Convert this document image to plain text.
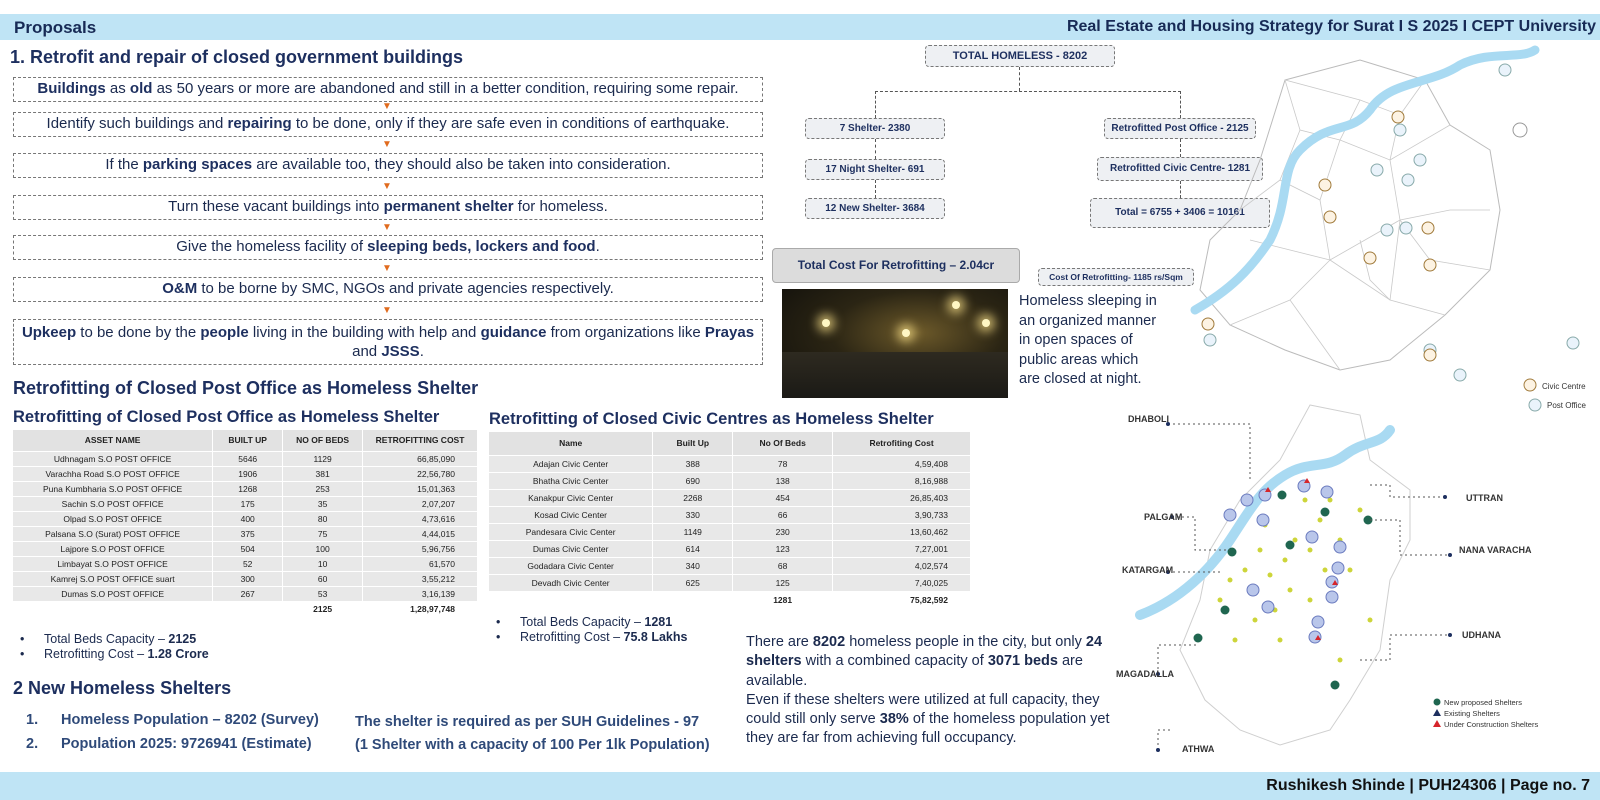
Proposals	Real Estate and Housing Strategy for Surat I S 2025 I CEPT University
Rushikesh Shinde | PUH24306 | Page no. 7
1. Retrofit and repair of closed government buildings
Buildings as old as 50 years or more are abandoned and still in a better condition, requiring some repair.
▼
Identify such buildings and repairing to be done, only if they are safe even in conditions of earthquake.
▼
If the parking spaces are available too, they should also be taken into consideration.
▼
Turn these vacant buildings into permanent shelter for homeless.
▼
Give the homeless facility of sleeping beds, lockers and food.
▼
O&M to be borne by SMC, NGOs and private agencies respectively.
▼
Upkeep to be done by the people living in the building with help and guidance from organizations like Prayas and JSSS.
Retrofitting of Closed Post Office as Homeless Shelter
Retrofitting of Closed Post Office as Homeless Shelter
ASSET NAME	BUILT UP	NO OF BEDS	RETROFITTING COST
Udhnagam S.O POST OFFICE	5646	1129	66,85,090
Varachha Road S.O POST OFFICE	1906	381	22,56,780
Puna Kumbharia S.O POST OFFICE	1268	253	15,01,363
Sachin S.O POST OFFICE	175	35	2,07,207
Olpad S.O POST OFFICE	400	80	4,73,616
Palsana S.O (Surat) POST OFFICE	375	75	4,44,015
Lajpore S.O POST OFFICE	504	100	5,96,756
Limbayat S.O POST OFFICE	52	10	61,570
Kamrej S.O POST OFFICE suart	300	60	3,55,212
Dumas S.O POST OFFICE	267	53	3,16,139
		2125	1,28,97,748
• Total Beds Capacity – 2125
• Retrofitting Cost – 1.28 Crore
Retrofitting of Closed Civic Centres as Homeless Shelter
Name	Built Up	No Of Beds	Retrofiting Cost
Adajan Civic Center	388	78	4,59,408
Bhatha Civic Center	690	138	8,16,988
Kanakpur Civic Center	2268	454	26,85,403
Kosad Civic Center	330	66	3,90,733
Pandesara Civic Center	1149	230	13,60,462
Dumas Civic Center	614	123	7,27,001
Godadara Civic Center	340	68	4,02,574
Devadh Civic Center	625	125	7,40,025
		1281	75,82,592
• Total Beds Capacity – 1281
• Retrofitting Cost – 75.8 Lakhs
TOTAL HOMELESS - 8202
7 Shelter- 2380
17 Night Shelter- 691
12 New Shelter- 3684
Retrofitted Post Office - 2125
Retrofitted Civic Centre- 1281
Total = 6755 + 3406 = 10161
Total Cost For Retrofitting – 2.04cr
Cost Of Retrofitting- 1185 rs/Sqm
Homeless sleeping in an organized manner in open spaces of public areas which are closed at night.
2 New Homeless Shelters
1. Homeless Population – 8202 (Survey)
2. Population 2025: 9726941 (Estimate)
The shelter is required as per SUH Guidelines - 97
(1 Shelter with a capacity of 100 Per 1lk Population)
There are 8202 homeless people in the city, but only 24 shelters with a combined capacity of 3071 beds are available.
Even if these shelters were utilized at full capacity, they could still only serve 38% of the homeless population yet they are far from achieving full occupancy.
Civic Centre
Post Office
DHABOLI
UTTRAN
PALGAM
NANA VARACHA
KATARGAM
UDHANA
MAGADALLA
ATHWA
New proposed Shelters
Existing Shelters
Under Construction Shelters
